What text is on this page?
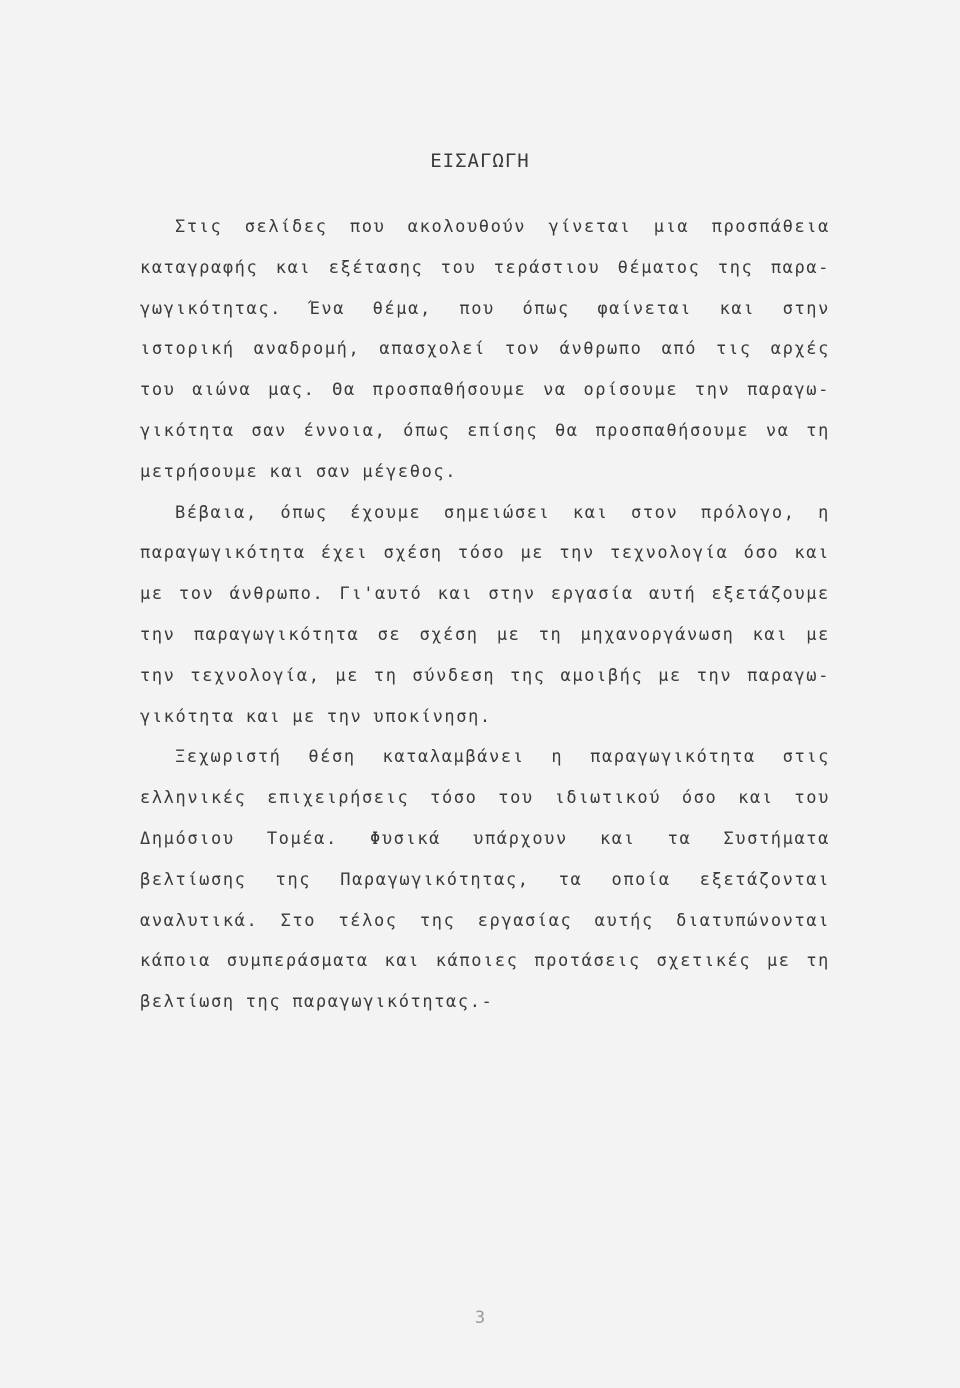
ΕΙΣΑΓΩΓΗ
Στις σελίδες που ακολουθούν γίνεται μια προσπάθεια
καταγραφής και εξέτασης του τεράστιου θέματος της παρα-
γωγικότητας. Ένα θέμα, που όπως φαίνεται και στην
ιστορική αναδρομή, απασχολεί τον άνθρωπο από τις αρχές
του αιώνα μας. Θα προσπαθήσουμε να ορίσουμε την παραγω-
γικότητα σαν έννοια, όπως επίσης θα προσπαθήσουμε να τη
μετρήσουμε και σαν μέγεθος.
Βέβαια, όπως έχουμε σημειώσει και στον πρόλογο, η
παραγωγικότητα έχει σχέση τόσο με την τεχνολογία όσο και
με τον άνθρωπο. Γι'αυτό και στην εργασία αυτή εξετάζουμε
την παραγωγικότητα σε σχέση με τη μηχανοργάνωση και με
την τεχνολογία, με τη σύνδεση της αμοιβής με την παραγω-
γικότητα και με την υποκίνηση.
Ξεχωριστή θέση καταλαμβάνει η παραγωγικότητα στις
ελληνικές επιχειρήσεις τόσο του ιδιωτικού όσο και του
Δημόσιου Τομέα. Φυσικά υπάρχουν και τα Συστήματα
βελτίωσης της Παραγωγικότητας, τα οποία εξετάζονται
αναλυτικά. Στο τέλος της εργασίας αυτής διατυπώνονται
κάποια συμπεράσματα και κάποιες προτάσεις σχετικές με τη
βελτίωση της παραγωγικότητας.-
3
